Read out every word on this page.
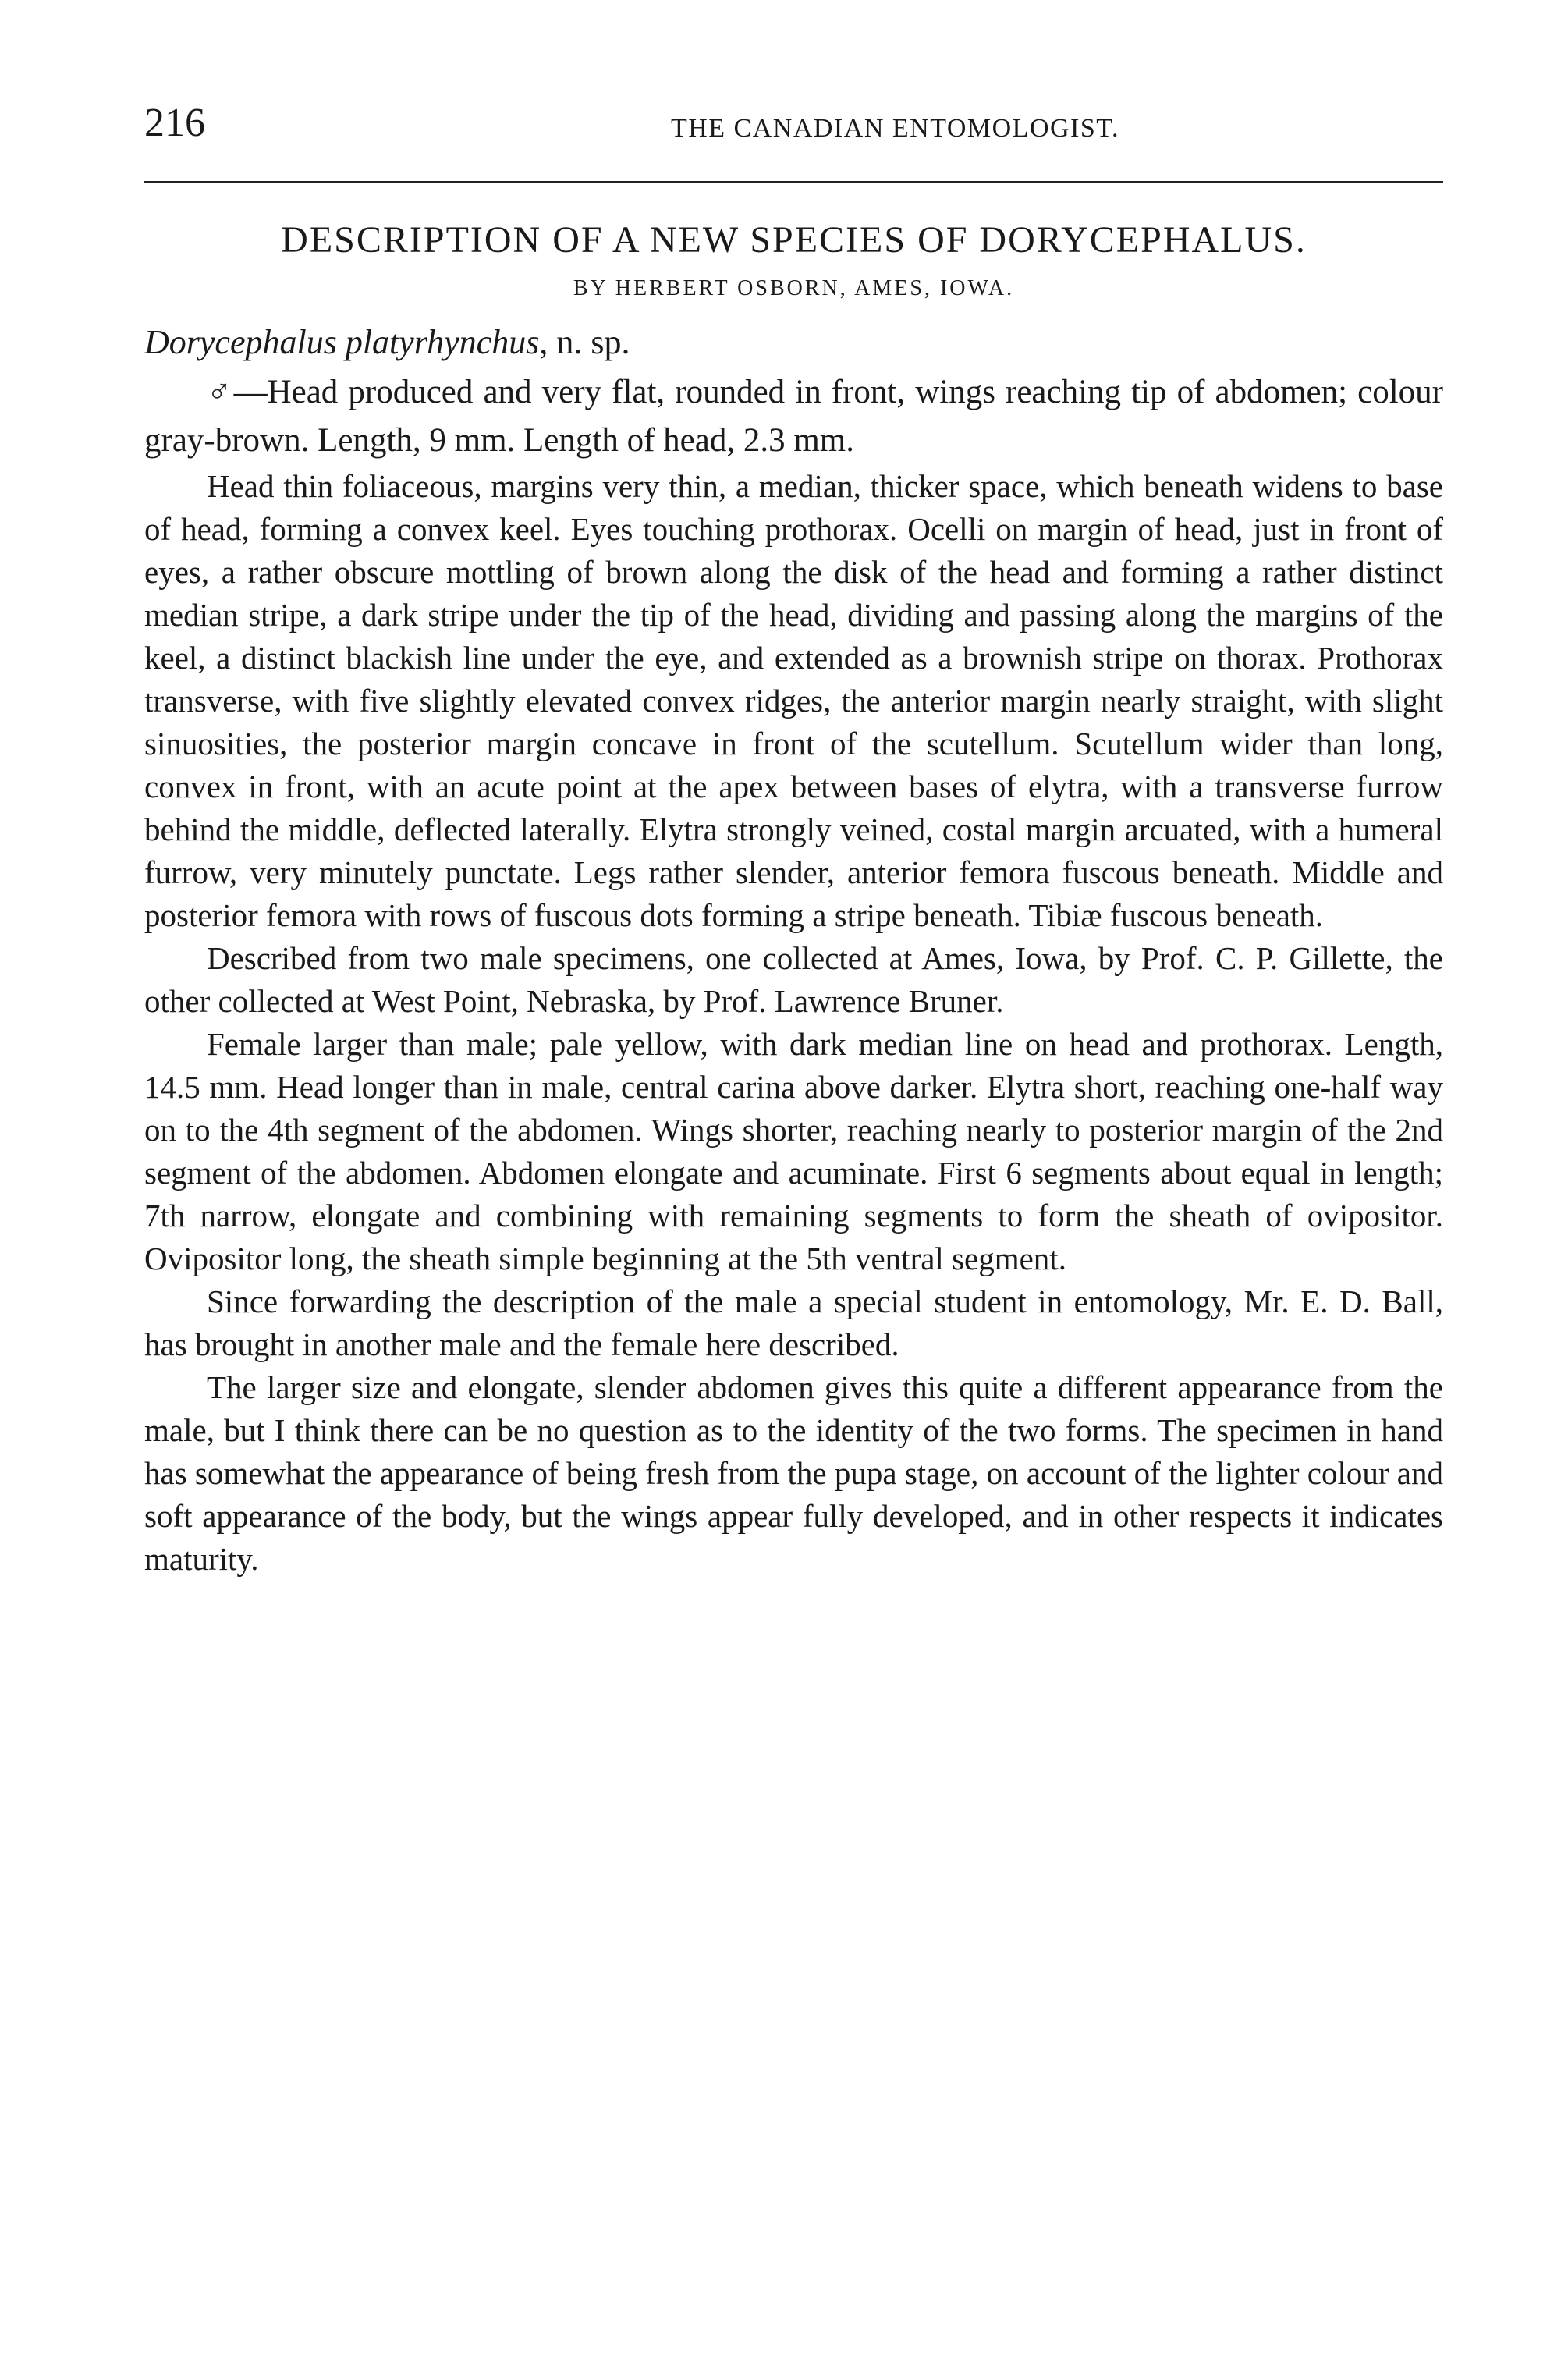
216	THE CANADIAN ENTOMOLOGIST.
DESCRIPTION OF A NEW SPECIES OF DORYCEPHALUS.
BY HERBERT OSBORN, AMES, IOWA.
Dorycephalus platyrhynchus, n. sp.

♂—Head produced and very flat, rounded in front, wings reaching tip of abdomen; colour gray-brown. Length, 9 mm. Length of head, 2.3 mm.

Head thin foliaceous, margins very thin, a median, thicker space, which beneath widens to base of head, forming a convex keel. Eyes touching prothorax. Ocelli on margin of head, just in front of eyes, a rather obscure mottling of brown along the disk of the head and forming a rather distinct median stripe, a dark stripe under the tip of the head, dividing and passing along the margins of the keel, a distinct blackish line under the eye, and extended as a brownish stripe on thorax. Prothorax transverse, with five slightly elevated convex ridges, the anterior margin nearly straight, with slight sinuosities, the posterior margin concave in front of the scutellum. Scutellum wider than long, convex in front, with an acute point at the apex between bases of elytra, with a transverse furrow behind the middle, deflected laterally. Elytra strongly veined, costal margin arcuated, with a humeral furrow, very minutely punctate. Legs rather slender, anterior femora fuscous beneath. Middle and posterior femora with rows of fuscous dots forming a stripe beneath. Tibiæ fuscous beneath.

Described from two male specimens, one collected at Ames, Iowa, by Prof. C. P. Gillette, the other collected at West Point, Nebraska, by Prof. Lawrence Bruner.

Female larger than male; pale yellow, with dark median line on head and prothorax. Length, 14.5 mm. Head longer than in male, central carina above darker. Elytra short, reaching one-half way on to the 4th segment of the abdomen. Wings shorter, reaching nearly to posterior margin of the 2nd segment of the abdomen. Abdomen elongate and acuminate. First 6 segments about equal in length; 7th narrow, elongate and combining with remaining segments to form the sheath of ovipositor. Ovipositor long, the sheath simple beginning at the 5th ventral segment.

Since forwarding the description of the male a special student in entomology, Mr. E. D. Ball, has brought in another male and the female here described.

The larger size and elongate, slender abdomen gives this quite a different appearance from the male, but I think there can be no question as to the identity of the two forms. The specimen in hand has somewhat the appearance of being fresh from the pupa stage, on account of the lighter colour and soft appearance of the body, but the wings appear fully developed, and in other respects it indicates maturity.
